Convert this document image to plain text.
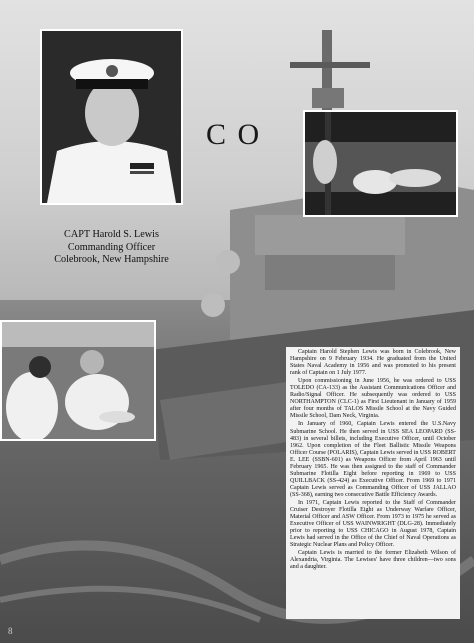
CAPT Harold S. Lewis
Commanding Officer
Colebrook, New Hampshire
C O

Captain Harold Stephen Lewis was born in Colebrook, New Hampshire on 9 February 1934. He graduated from the United States Naval Academy in 1956 and was promoted to his present rank of Captain on 1 July 1977.

Upon commissioning in June 1956, he was ordered to USS TOLEDO (CA-133) as the Assistant Communications Officer and Radio/Signal Officer. He subsequently was ordered to USS NORTHAMPTON (CLC-1) as First Lieutenant in January of 1959 after four months of TALOS Missile School at the Navy Guided Missile School, Dam Neck, Virginia.

In January of 1960, Captain Lewis entered the U.S.Navy Submarine School. He then served in USS SEA LEOPARD (SS-483) in several billets, including Executive Officer, until October 1962. Upon completion of the Fleet Ballistic Missile Weapons Officer Course (POLARIS), Captain Lewis served in USS ROBERT E. LEE (SSBN-601) as Weapons Officer from April 1963 until February 1965. He was then assigned to the staff of Commander Submarine Flotilla Eight before reporting in 1969 to USS QUILLBACK (SS-424) as Executive Officer. From 1969 to 1971 Captain Lewis served as Commanding Officer of USS JALLAO (SS-368), earning two consecutive Battle Efficiency Awards.

In 1971, Captain Lewis reported to the Staff of Commander Cruiser Destroyer Flotilla Eight as Underway Warfare Officer, Material Officer and ASW Officer. From 1973 to 1975 he served as Executive Officer of USS WAINWRIGHT (DLG-28). Immediately prior to reporting to USS CHICAGO in August 1978, Captain Lewis had served in the Office of the Chief of Naval Operations as Strategic Nuclear Plans and Policy Officer.

Captain Lewis is married to the former Elizabeth Wilson of Alexandria, Virginia. The Lewises' have three children—two sons and a daughter.

8
